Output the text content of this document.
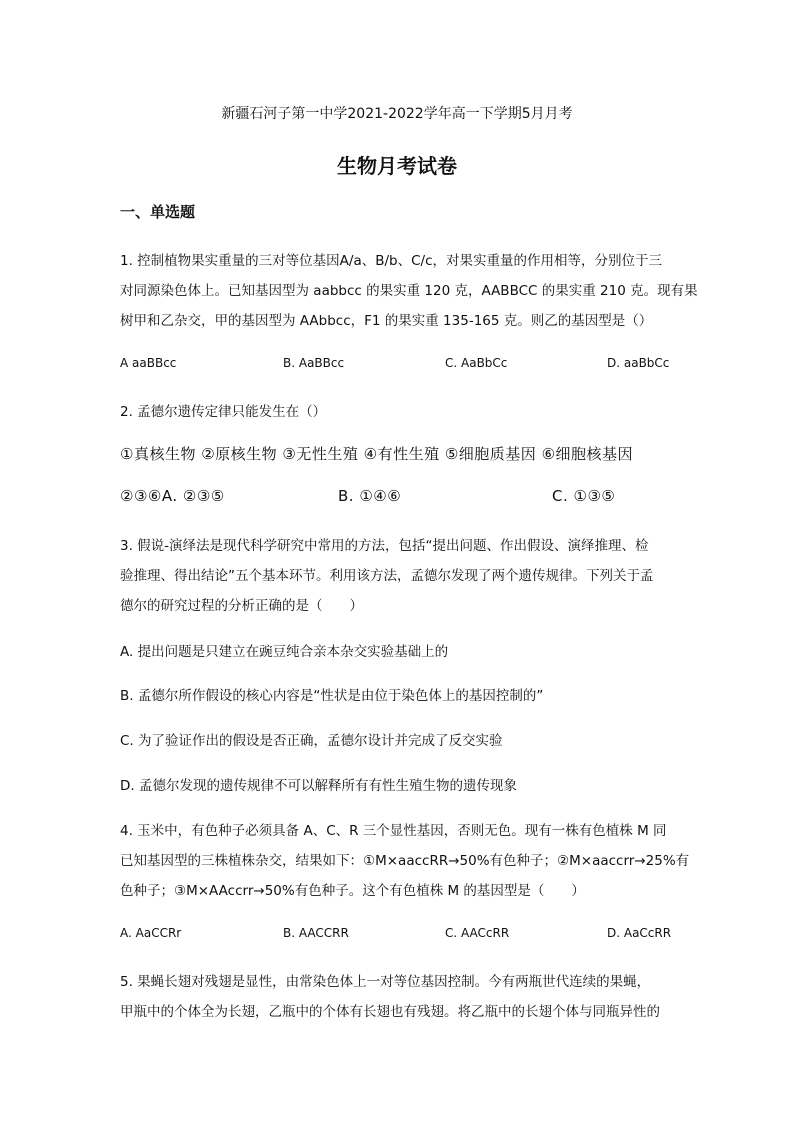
新疆石河子第一中学2021-2022学年高一下学期5月月考
生物月考试卷
一、单选题
1. 控制植物果实重量的三对等位基因A/a、B/b、C/c，对果实重量的作用相等，分别位于三
对同源染色体上。已知基因型为 aabbcc 的果实重 120 克，AABBCC 的果实重 210 克。现有果
树甲和乙杂交，甲的基因型为 AAbbcc，F1 的果实重 135-165 克。则乙的基因型是（）
A aaBBcc	B. AaBBcc	C. AaBbCc	D. aaBbCc
2. 孟德尔遗传定律只能发生在（）
①真核生物 ②原核生物 ③无性生殖 ④有性生殖 ⑤细胞质基因 ⑥细胞核基因
②③⑥A. ②③⑤	B. ①④⑥	C. ①③⑤
3. 假说-演绎法是现代科学研究中常用的方法，包括“提出问题、作出假设、演绎推理、检
验推理、得出结论”五个基本环节。利用该方法，孟德尔发现了两个遗传规律。下列关于孟
德尔的研究过程的分析正确的是（　　）
A. 提出问题是只建立在豌豆纯合亲本杂交实验基础上的
B. 孟德尔所作假设的核心内容是“性状是由位于染色体上的基因控制的”
C. 为了验证作出的假设是否正确，孟德尔设计并完成了反交实验
D. 孟德尔发现的遗传规律不可以解释所有有性生殖生物的遗传现象
4. 玉米中，有色种子必须具备 A、C、R 三个显性基因，否则无色。现有一株有色植株 M 同
已知基因型的三株植株杂交，结果如下：①M×aaccRR→50%有色种子；②M×aaccrr→25%有
色种子；③M×AAccrr→50%有色种子。这个有色植株 M 的基因型是（　　）
A. AaCCRr	B. AACCRR	C. AACcRR	D. AaCcRR
5. 果蝇长翅对残翅是显性，由常染色体上一对等位基因控制。今有两瓶世代连续的果蝇，
甲瓶中的个体全为长翅，乙瓶中的个体有长翅也有残翅。将乙瓶中的长翅个体与同瓶异性的
